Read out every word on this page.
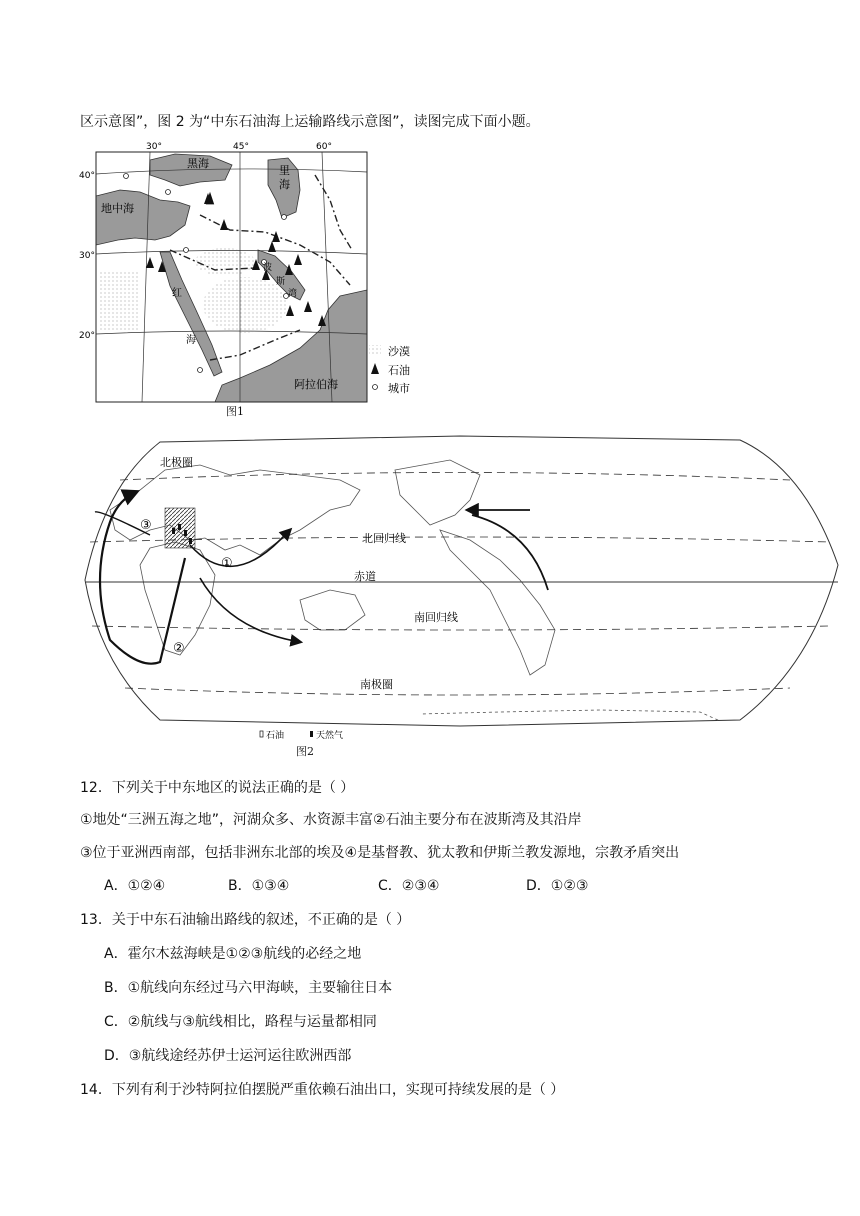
区示意图”，图 2 为“中东石油海上运输路线示意图”，读图完成下面小题。
30°	45°	60°
40°
30°
20°
黑海
里
海
地中海
红
海
波
斯
湾
阿拉伯海
沙漠
石油
城市
图1
北极圈
北回归线
赤道
南回归线
南极圈
①
②
③
石油	天然气
图2
12．下列关于中东地区的说法正确的是（ ）
①地处“三洲五海之地”，河湖众多、水资源丰富②石油主要分布在波斯湾及其沿岸
③位于亚洲西南部，包括非洲东北部的埃及④是基督教、犹太教和伊斯兰教发源地，宗教矛盾突出
A．①②④	B．①③④	C．②③④	D．①②③
13．关于中东石油输出路线的叙述，不正确的是（ ）
A．霍尔木兹海峡是①②③航线的必经之地
B．①航线向东经过马六甲海峡，主要输往日本
C．②航线与③航线相比，路程与运量都相同
D．③航线途经苏伊士运河运往欧洲西部
14．下列有利于沙特阿拉伯摆脱严重依赖石油出口，实现可持续发展的是（ ）
